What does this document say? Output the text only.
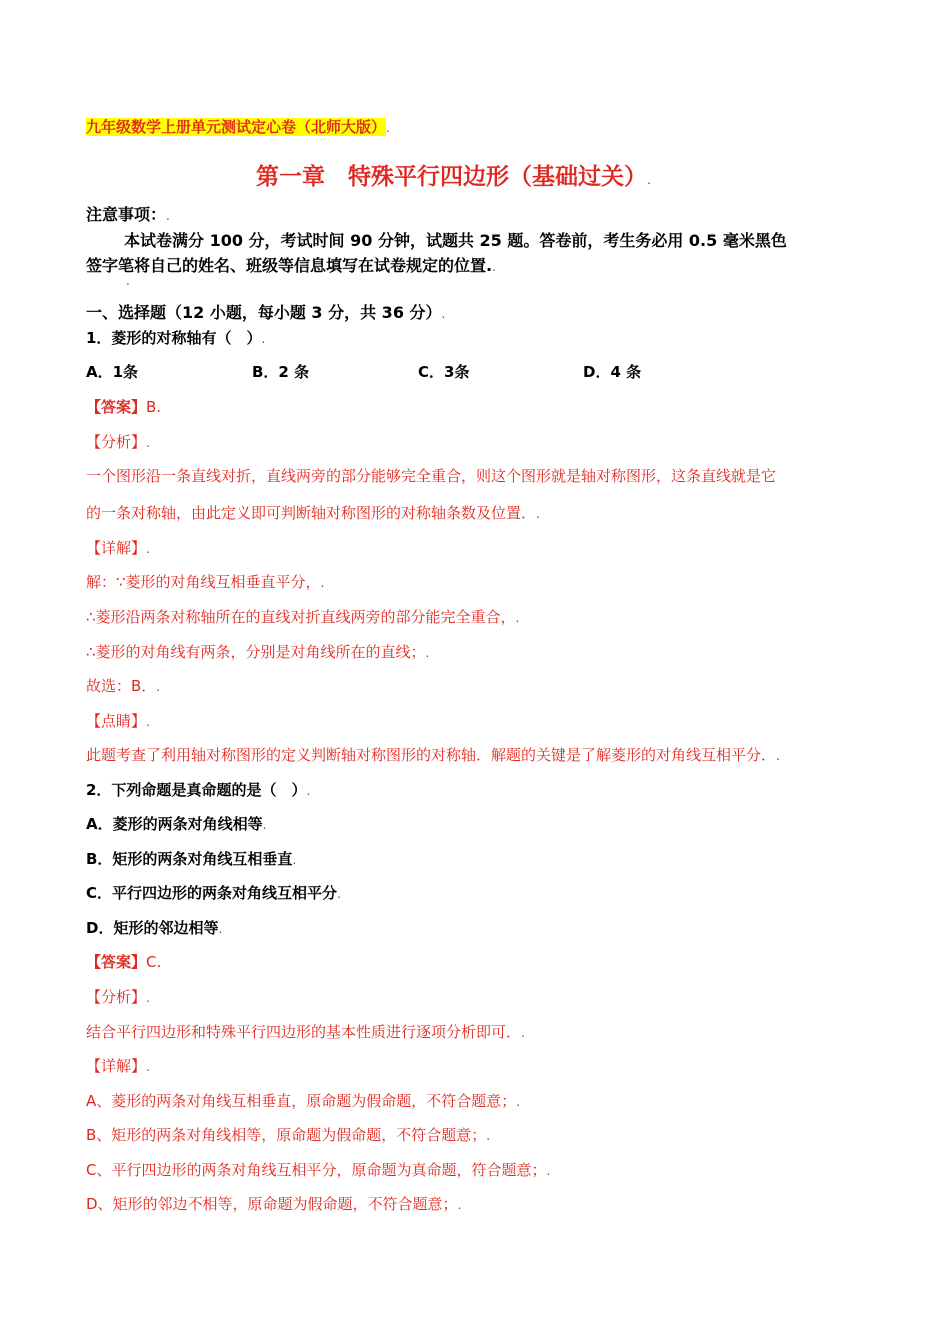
九年级数学上册单元测试定心卷（北师大版）.
第一章　特殊平行四边形（基础过关）.
注意事项：.
本试卷满分 100 分，考试时间 90 分钟，试题共 25 题。答卷前，考生务必用 0.5 毫米黑色
签字笔将自己的姓名、班级等信息填写在试卷规定的位置..
.
一、选择题（12 小题，每小题 3 分，共 36 分）.
1．菱形的对称轴有（　）.
A．1条	B．2 条	C．3条	D．4 条
【答案】B.
【分析】.
一个图形沿一条直线对折，直线两旁的部分能够完全重合，则这个图形就是轴对称图形，这条直线就是它
的一条对称轴，由此定义即可判断轴对称图形的对称轴条数及位置．.
【详解】.
解：∵菱形的对角线互相垂直平分，.
∴菱形沿两条对称轴所在的直线对折直线两旁的部分能完全重合，.
∴菱形的对角线有两条，分别是对角线所在的直线；.
故选：B．.
【点睛】.
此题考查了利用轴对称图形的定义判断轴对称图形的对称轴．解题的关键是了解菱形的对角线互相平分．.
2．下列命题是真命题的是（　）.
A．菱形的两条对角线相等.
B．矩形的两条对角线互相垂直.
C．平行四边形的两条对角线互相平分.
D．矩形的邻边相等.
【答案】C.
【分析】.
结合平行四边形和特殊平行四边形的基本性质进行逐项分析即可．.
【详解】.
A、菱形的两条对角线互相垂直，原命题为假命题，不符合题意；.
B、矩形的两条对角线相等，原命题为假命题，不符合题意；.
C、平行四边形的两条对角线互相平分，原命题为真命题，符合题意；.
D、矩形的邻边不相等，原命题为假命题，不符合题意；.
